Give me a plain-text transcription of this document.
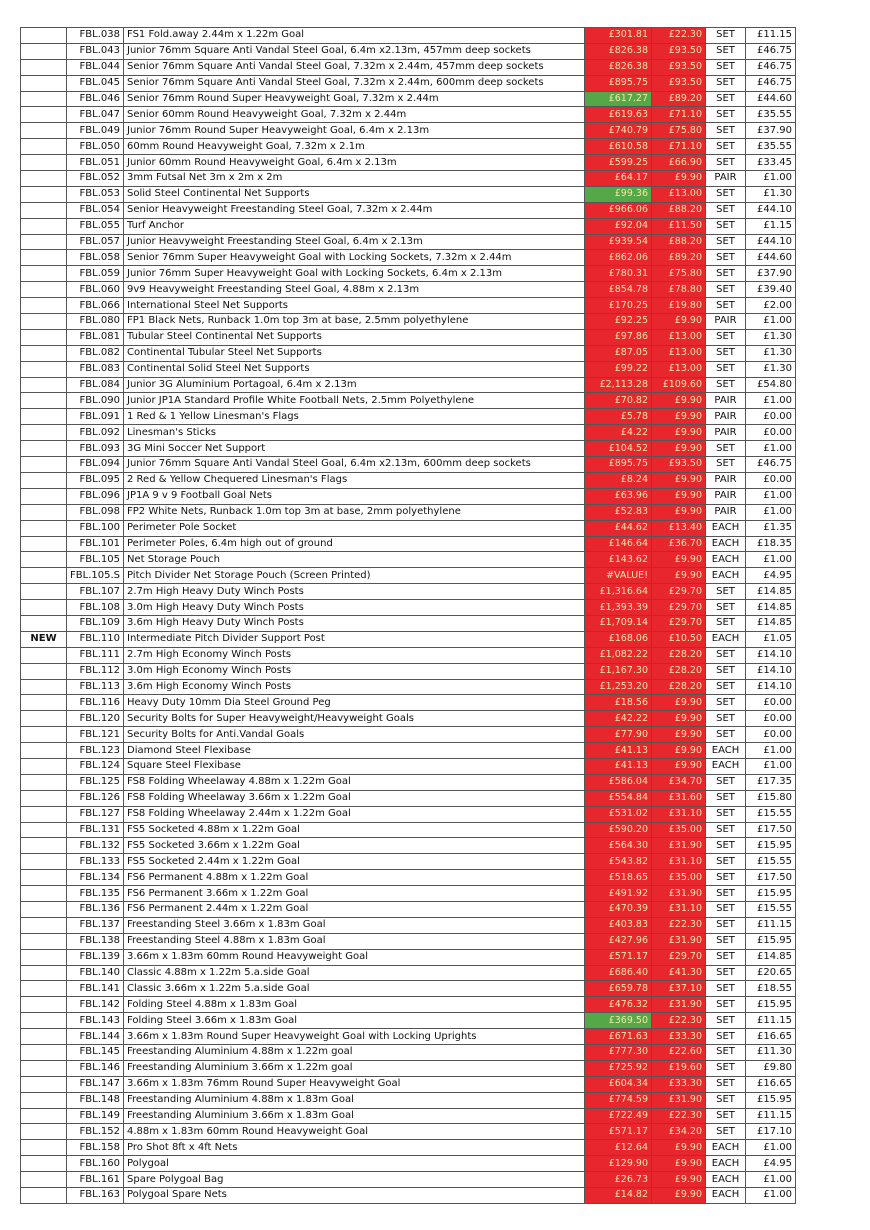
	FBL.038	FS1 Fold.away 2.44m x 1.22m Goal	£301.81	£22.30	SET	£11.15
	FBL.043	Junior 76mm Square Anti Vandal Steel Goal, 6.4m x2.13m, 457mm deep sockets	£826.38	£93.50	SET	£46.75
	FBL.044	Senior 76mm Square Anti Vandal Steel Goal, 7.32m x 2.44m, 457mm deep sockets	£826.38	£93.50	SET	£46.75
	FBL.045	Senior 76mm Square Anti Vandal Steel Goal, 7.32m x 2.44m, 600mm deep sockets	£895.75	£93.50	SET	£46.75
	FBL.046	Senior 76mm Round Super Heavyweight Goal, 7.32m x 2.44m	£617.27	£89.20	SET	£44.60
	FBL.047	Senior 60mm Round Heavyweight Goal, 7.32m x 2.44m	£619.63	£71.10	SET	£35.55
	FBL.049	Junior 76mm Round Super Heavyweight Goal, 6.4m x 2.13m	£740.79	£75.80	SET	£37.90
	FBL.050	60mm Round Heavyweight Goal, 7.32m x 2.1m	£610.58	£71.10	SET	£35.55
	FBL.051	Junior 60mm Round Heavyweight Goal, 6.4m x 2.13m	£599.25	£66.90	SET	£33.45
	FBL.052	3mm Futsal Net 3m x 2m x 2m	£64.17	£9.90	PAIR	£1.00
	FBL.053	Solid Steel Continental Net Supports	£99.36	£13.00	SET	£1.30
	FBL.054	Senior Heavyweight Freestanding Steel Goal, 7.32m x 2.44m	£966.06	£88.20	SET	£44.10
	FBL.055	Turf Anchor	£92.04	£11.50	SET	£1.15
	FBL.057	Junior Heavyweight Freestanding Steel Goal, 6.4m x 2.13m	£939.54	£88.20	SET	£44.10
	FBL.058	Senior 76mm Super Heavyweight Goal with Locking Sockets, 7.32m x 2.44m	£862.06	£89.20	SET	£44.60
	FBL.059	Junior 76mm Super Heavyweight Goal with Locking Sockets, 6.4m x 2.13m	£780.31	£75.80	SET	£37.90
	FBL.060	9v9 Heavyweight Freestanding Steel Goal, 4.88m x 2.13m	£854.78	£78.80	SET	£39.40
	FBL.066	International Steel Net Supports	£170.25	£19.80	SET	£2.00
	FBL.080	FP1 Black Nets, Runback 1.0m top 3m at base, 2.5mm polyethylene	£92.25	£9.90	PAIR	£1.00
	FBL.081	Tubular Steel Continental Net Supports	£97.86	£13.00	SET	£1.30
	FBL.082	Continental Tubular Steel Net Supports	£87.05	£13.00	SET	£1.30
	FBL.083	Continental Solid Steel Net Supports	£99.22	£13.00	SET	£1.30
	FBL.084	Junior 3G Aluminium Portagoal, 6.4m x 2.13m	£2,113.28	£109.60	SET	£54.80
	FBL.090	Junior JP1A Standard Profile White Football Nets, 2.5mm Polyethylene	£70.82	£9.90	PAIR	£1.00
	FBL.091	1 Red & 1 Yellow Linesman's Flags	£5.78	£9.90	PAIR	£0.00
	FBL.092	Linesman's Sticks	£4.22	£9.90	PAIR	£0.00
	FBL.093	3G Mini Soccer Net Support	£104.52	£9.90	SET	£1.00
	FBL.094	Junior 76mm Square Anti Vandal Steel Goal, 6.4m x2.13m, 600mm deep sockets	£895.75	£93.50	SET	£46.75
	FBL.095	2 Red & Yellow Chequered Linesman's Flags	£8.24	£9.90	PAIR	£0.00
	FBL.096	JP1A 9 v 9 Football Goal Nets	£63.96	£9.90	PAIR	£1.00
	FBL.098	FP2 White Nets, Runback 1.0m top 3m at base, 2mm polyethylene	£52.83	£9.90	PAIR	£1.00
	FBL.100	Perimeter Pole Socket	£44.62	£13.40	EACH	£1.35
	FBL.101	Perimeter Poles, 6.4m high out of ground	£146.64	£36.70	EACH	£18.35
	FBL.105	Net Storage Pouch	£143.62	£9.90	EACH	£1.00
	FBL.105.S	Pitch Divider Net Storage Pouch (Screen Printed)	#VALUE!	£9.90	EACH	£4.95
	FBL.107	2.7m High Heavy Duty Winch Posts	£1,316.64	£29.70	SET	£14.85
	FBL.108	3.0m High Heavy Duty Winch Posts	£1,393.39	£29.70	SET	£14.85
	FBL.109	3.6m High Heavy Duty Winch Posts	£1,709.14	£29.70	SET	£14.85
NEW	FBL.110	Intermediate Pitch Divider Support Post	£168.06	£10.50	EACH	£1.05
	FBL.111	2.7m High Economy Winch Posts	£1,082.22	£28.20	SET	£14.10
	FBL.112	3.0m High Economy Winch Posts	£1,167.30	£28.20	SET	£14.10
	FBL.113	3.6m High Economy Winch Posts	£1,253.20	£28.20	SET	£14.10
	FBL.116	Heavy Duty 10mm Dia Steel Ground Peg	£18.56	£9.90	SET	£0.00
	FBL.120	Security Bolts for Super Heavyweight/Heavyweight Goals	£42.22	£9.90	SET	£0.00
	FBL.121	Security Bolts for Anti.Vandal Goals	£77.90	£9.90	SET	£0.00
	FBL.123	Diamond Steel Flexibase	£41.13	£9.90	EACH	£1.00
	FBL.124	Square Steel Flexibase	£41.13	£9.90	EACH	£1.00
	FBL.125	FS8 Folding Wheelaway 4.88m x 1.22m Goal	£586.04	£34.70	SET	£17.35
	FBL.126	FS8 Folding Wheelaway 3.66m x 1.22m Goal	£554.84	£31.60	SET	£15.80
	FBL.127	FS8 Folding Wheelaway 2.44m x 1.22m Goal	£531.02	£31.10	SET	£15.55
	FBL.131	FS5 Socketed 4.88m x 1.22m Goal	£590.20	£35.00	SET	£17.50
	FBL.132	FS5 Socketed 3.66m x 1.22m Goal	£564.30	£31.90	SET	£15.95
	FBL.133	FS5 Socketed 2.44m x 1.22m Goal	£543.82	£31.10	SET	£15.55
	FBL.134	FS6 Permanent 4.88m x 1.22m Goal	£518.65	£35.00	SET	£17.50
	FBL.135	FS6 Permanent 3.66m x 1.22m Goal	£491.92	£31.90	SET	£15.95
	FBL.136	FS6 Permanent 2.44m x 1.22m Goal	£470.39	£31.10	SET	£15.55
	FBL.137	Freestanding Steel 3.66m x 1.83m Goal	£403.83	£22.30	SET	£11.15
	FBL.138	Freestanding Steel 4.88m x 1.83m Goal	£427.96	£31.90	SET	£15.95
	FBL.139	3.66m x 1.83m 60mm Round Heavyweight Goal	£571.17	£29.70	SET	£14.85
	FBL.140	Classic 4.88m x 1.22m 5.a.side Goal	£686.40	£41.30	SET	£20.65
	FBL.141	Classic 3.66m x 1.22m 5.a.side Goal	£659.78	£37.10	SET	£18.55
	FBL.142	Folding Steel 4.88m x 1.83m Goal	£476.32	£31.90	SET	£15.95
	FBL.143	Folding Steel 3.66m x 1.83m Goal	£369.50	£22.30	SET	£11.15
	FBL.144	3.66m x 1.83m Round Super Heavyweight Goal with Locking Uprights	£671.63	£33.30	SET	£16.65
	FBL.145	Freestanding Aluminium 4.88m x 1.22m goal	£777.30	£22.60	SET	£11.30
	FBL.146	Freestanding Aluminium 3.66m x 1.22m goal	£725.92	£19.60	SET	£9.80
	FBL.147	3.66m x 1.83m 76mm Round Super Heavyweight Goal	£604.34	£33.30	SET	£16.65
	FBL.148	Freestanding Aluminium 4.88m x 1.83m Goal	£774.59	£31.90	SET	£15.95
	FBL.149	Freestanding Aluminium 3.66m x 1.83m Goal	£722.49	£22.30	SET	£11.15
	FBL.152	4.88m x 1.83m 60mm Round Heavyweight Goal	£571.17	£34.20	SET	£17.10
	FBL.158	Pro Shot 8ft x 4ft Nets	£12.64	£9.90	EACH	£1.00
	FBL.160	Polygoal	£129.90	£9.90	EACH	£4.95
	FBL.161	Spare Polygoal Bag	£26.73	£9.90	EACH	£1.00
	FBL.163	Polygoal Spare Nets	£14.82	£9.90	EACH	£1.00
